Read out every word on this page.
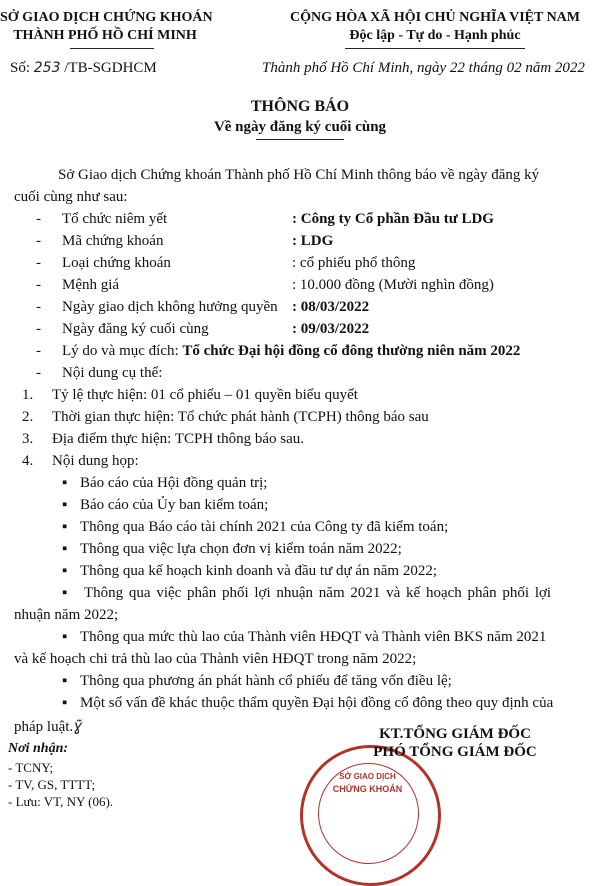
SỞ GIAO DỊCH CHỨNG KHOÁN
THÀNH PHỐ HỒ CHÍ MINH
CỘNG HÒA XÃ HỘI CHỦ NGHĨA VIỆT NAM
Độc lập - Tự do - Hạnh phúc
Số: 253 /TB-SGDHCM	Thành phố Hồ Chí Minh, ngày 22 tháng 02 năm 2022
THÔNG BÁO
Về ngày đăng ký cuối cùng
Sở Giao dịch Chứng khoán Thành phố Hồ Chí Minh thông báo về ngày đăng ký
cuối cùng như sau:
- Tổ chức niêm yết	: Công ty Cổ phần Đầu tư LDG
- Mã chứng khoán	: LDG
- Loại chứng khoán	: cổ phiếu phổ thông
- Mệnh giá	: 10.000 đồng (Mười nghìn đồng)
- Ngày giao dịch không hưởng quyền : 08/03/2022
- Ngày đăng ký cuối cùng	: 09/03/2022
- Lý do và mục đích: Tổ chức Đại hội đồng cổ đông thường niên năm 2022
- Nội dung cụ thể:
1. Tỷ lệ thực hiện: 01 cổ phiếu – 01 quyền biểu quyết
2. Thời gian thực hiện: Tổ chức phát hành (TCPH) thông báo sau
3. Địa điểm thực hiện: TCPH thông báo sau.
4. Nội dung họp:
▪ Báo cáo của Hội đồng quản trị;
▪ Báo cáo của Ủy ban kiểm toán;
▪ Thông qua Báo cáo tài chính 2021 của Công ty đã kiểm toán;
▪ Thông qua việc lựa chọn đơn vị kiểm toán năm 2022;
▪ Thông qua kế hoạch kinh doanh và đầu tư dự án năm 2022;
▪ Thông qua việc phân phối lợi nhuận năm 2021 và kế hoạch phân phối lợi
nhuận năm 2022;
▪ Thông qua mức thù lao của Thành viên HĐQT và Thành viên BKS năm 2021
và kế hoạch chi trả thù lao của Thành viên HĐQT trong năm 2022;
▪ Thông qua phương án phát hành cổ phiếu để tăng vốn điều lệ;
▪ Một số vấn đề khác thuộc thẩm quyền Đại hội đồng cổ đông theo quy định của
pháp luật.ɣ̃
Nơi nhận:
- TCNY;
- TV, GS, TTTT;
- Lưu: VT, NY (06).
SỞ GIAO DỊCH
CHỨNG KHOÁN
KT.TỔNG GIÁM ĐỐC
PHÓ TỔNG GIÁM ĐỐC
